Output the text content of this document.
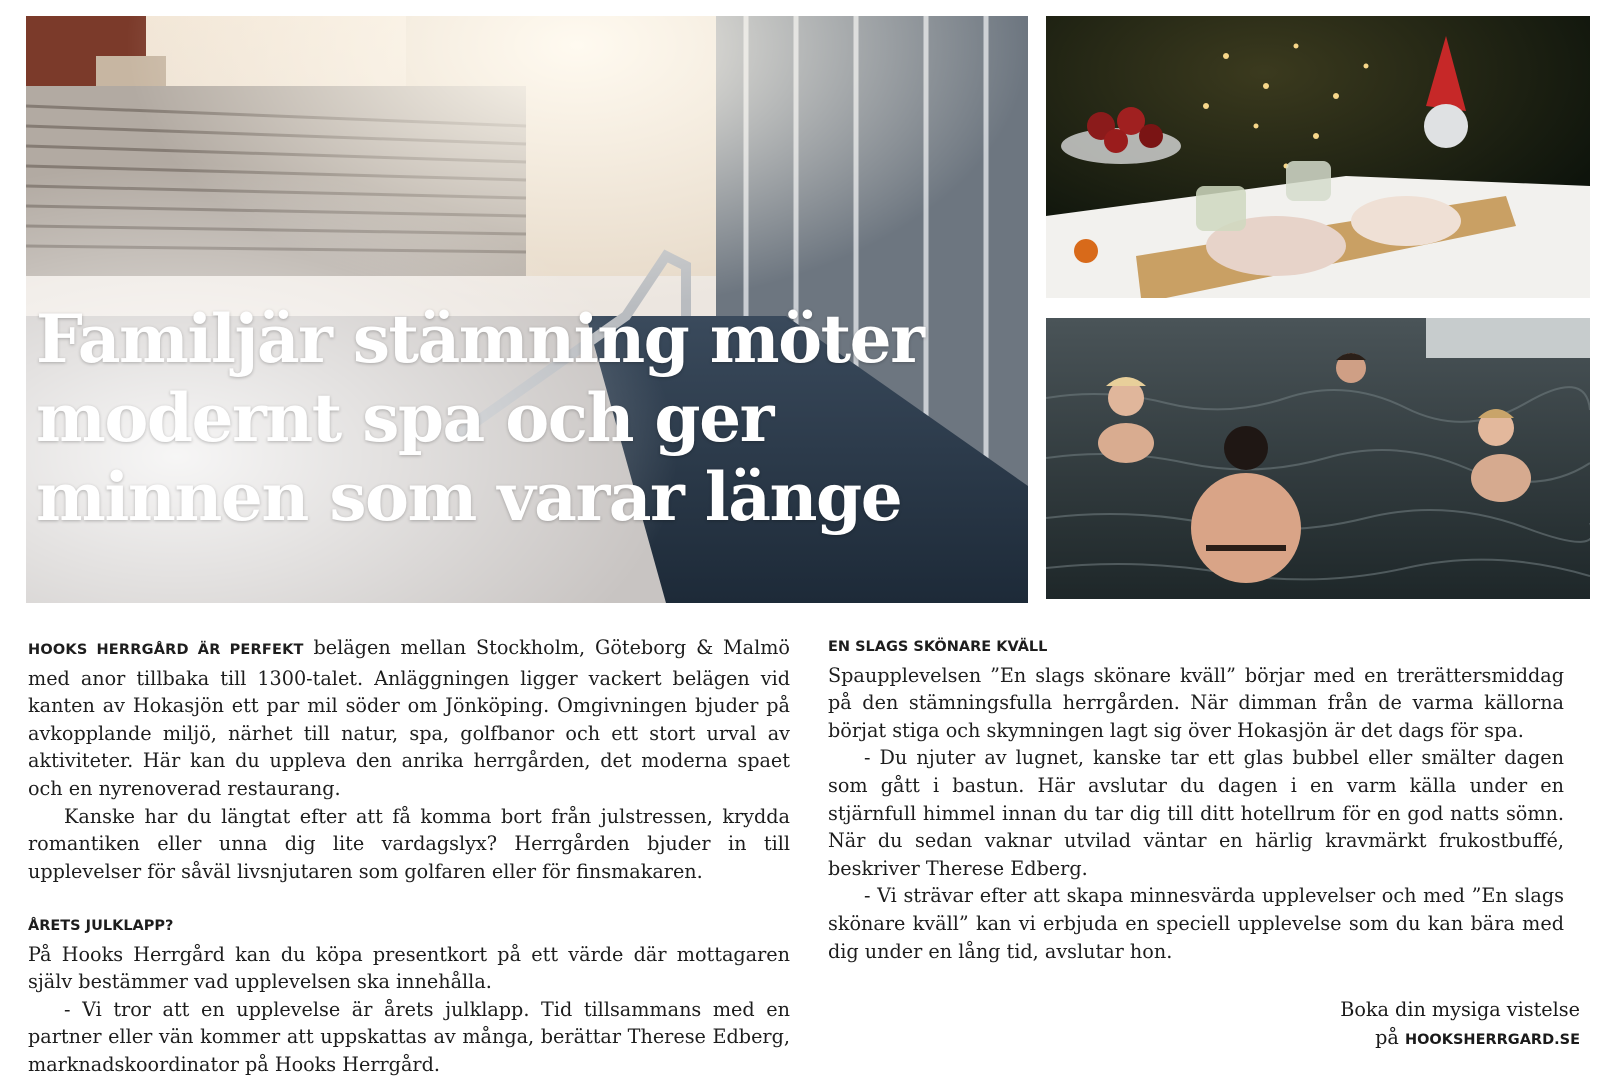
Familjär stämning möter modernt spa och ger minnen som varar länge

HOOKS HERRGÅRD ÄR PERFEKT belägen mellan Stockholm, Göteborg & Malmö med anor tillbaka till 1300-talet. Anläggningen ligger vackert belägen vid kanten av Hokasjön ett par mil söder om Jönköping. Omgivningen bjuder på avkopplande miljö, närhet till natur, spa, golfbanor och ett stort urval av aktiviteter. Här kan du uppleva den anrika herrgården, det moderna spaet och en nyrenoverad restaurang.

Kanske har du längtat efter att få komma bort från julstressen, krydda romantiken eller unna dig lite vardagslyx? Herrgården bjuder in till upplevelser för såväl livsnjutaren som golfaren eller för finsmakaren.

ÅRETS JULKLAPP?

På Hooks Herrgård kan du köpa presentkort på ett värde där mottagaren själv bestämmer vad upplevelsen ska innehålla.

- Vi tror att en upplevelse är årets julklapp. Tid tillsammans med en partner eller vän kommer att uppskattas av många, berättar Therese Edberg, marknadskoordinator på Hooks Herrgård.

EN SLAGS SKÖNARE KVÄLL

Spaupplevelsen ”En slags skönare kväll” börjar med en trerättersmiddag på den stämningsfulla herrgården. När dimman från de varma källorna börjat stiga och skymningen lagt sig över Hokasjön är det dags för spa.

- Du njuter av lugnet, kanske tar ett glas bubbel eller smälter dagen som gått i bastun. Här avslutar du dagen i en varm källa under en stjärnfull himmel innan du tar dig till ditt hotellrum för en god natts sömn. När du sedan vaknar utvilad väntar en härlig kravmärkt frukostbuffé, beskriver Therese Edberg.

- Vi strävar efter att skapa minnesvärda upplevelser och med ”En slags skönare kväll” kan vi erbjuda en speciell upplevelse som du kan bära med dig under en lång tid, avslutar hon.

Boka din mysiga vistelse
på HOOKSHERRGARD.SE
